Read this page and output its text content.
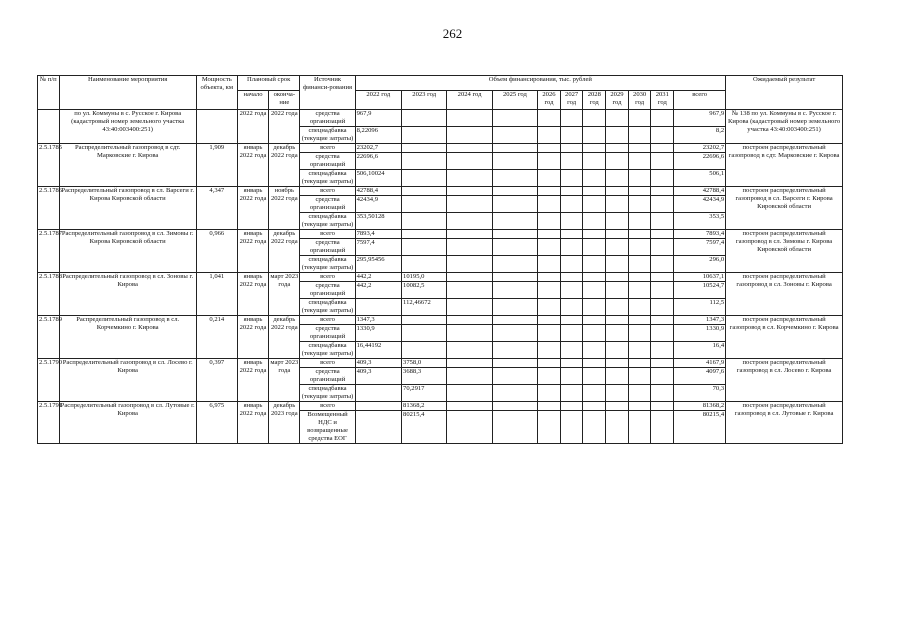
262
№ п/п	Наименование мероприятия	Мощность объекта, км	Плановый срок		Источник финанси-рования	Объем финансирования, тыс. рублей											Ожидаемый результат
			начало	оконча-ние		2022 год	2023 год	2024 год	2025 год	2026 год	2027 год	2028 год	2029 год	2030 год	2031 год	всего	
	по ул. Коммуны в с. Русское г. Кирова (кадастровый номер земельного участка 43:40:003400:251)		2022 года	2022 года	средства организаций	967,9										967,9	№ 138 по ул. Коммуны в с. Русское г. Кирова (кадастровый номер земельного участка 43:40:003400:251)
					спецнадбавка (текущие затраты)	8,22096										8,2	
2.5.1785	Распределительный газопровод в сдт. Марковские г. Кирова	1,909	январь 2022 года	декабрь 2022 года	всего	23202,7										23202,7	построен распределительный газопровод в сдт. Марковские г. Кирова
					средства организаций	22696,6										22696,6	
					спецнадбавка (текущие затраты)	506,10024										506,1	
2.5.1786	Распределительный газопровод в сл. Варсеги г. Кирова Кировской области	4,347	январь 2022 года	ноябрь 2022 года	всего	42788,4										42788,4	построен распределительный газопровод в сл. Варсеги г. Кирова Кировской области
					средства организаций	42434,9										42434,9	
					спецнадбавка (текущие затраты)	353,50128										353,5	
2.5.1787	Распределительный газопровод в сл. Зимовы г. Кирова Кировской области	0,966	январь 2022 года	декабрь 2022 года	всего	7893,4										7893,4	построен распределительный газопровод в сл. Зимовы г. Кирова Кировской области
					средства организаций	7597,4										7597,4	
					спецнадбавка (текущие затраты)	295,95456										296,0	
2.5.1788	Распределительный газопровод в сл. Зоновы г. Кирова	1,041	январь 2022 года	март 2023 года	всего	442,2	10195,0									10637,1	построен распределительный газопровод в сл. Зоновы г. Кирова
					средства организаций	442,2	10082,5									10524,7	
					спецнадбавка (текущие затраты)		112,46672									112,5	
2.5.1789	Распределительный газопровод в сл. Корчемкино г. Кирова	0,214	январь 2022 года	декабрь 2022 года	всего	1347,3										1347,3	построен распределительный газопровод в сл. Корчемкино г. Кирова
					средства организаций	1330,9										1330,9	
					спецнадбавка (текущие затраты)	16,44192										16,4	
2.5.1790	Распределительный газопровод в сл. Лосево г. Кирова	0,397	январь 2022 года	март 2023 года	всего	409,3	3758,0									4167,9	построен распределительный газопровод в сл. Лосево г. Кирова
					средства организаций	409,3	3688,3									4097,6	
					спецнадбавка (текущие затраты)		70,2917									70,3	
2.5.1791	Распределительный газопровод в сл. Лутовые г. Кирова	6,975	январь 2022 года	декабрь 2023 года	всего		81368,2									81368,2	построен распределительный газопровод в сл. Лутовые г. Кирова
					Возмещенный НДС и возвращенные средства ЕОГ		80215,4									80215,4	
